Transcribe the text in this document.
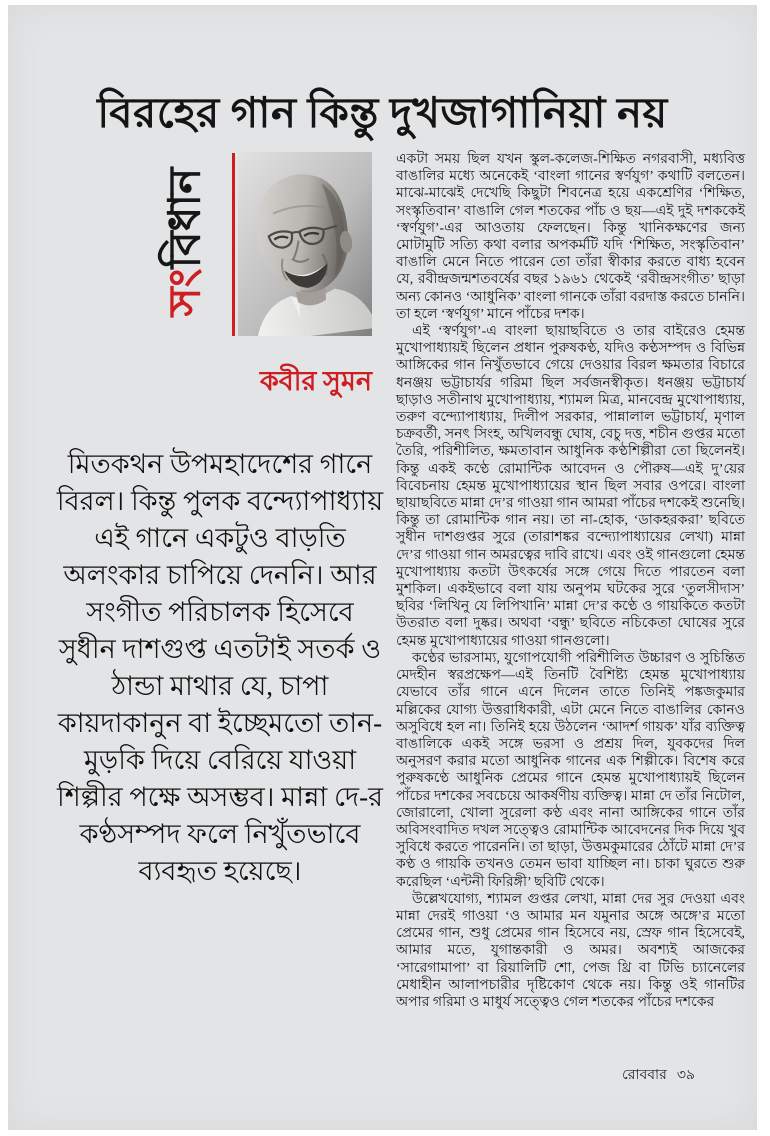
বিরহের গান কিন্তু দুখজাগানিয়া নয়
সংবিধান
কবীর সুমন
মিতকথন উপমহাদেশের গানে বিরল। কিন্তু পুলক বন্দ্যোপাধ্যায় এই গানে একটুও বাড়তি অলংকার চাপিয়ে দেননি। আর সংগীত পরিচালক হিসেবে সুধীন দাশগুপ্ত এতটাই সতর্ক ও ঠান্ডা মাথার যে, চাপা কায়দাকানুন বা ইচ্ছেমতো তান-মুড়কি দিয়ে বেরিয়ে যাওয়া শিল্পীর পক্ষে অসম্ভব। মান্না দে-র কণ্ঠসম্পদ ফলে নিখুঁতভাবে ব্যবহৃত হয়েছে।

একটা সময় ছিল যখন স্কুল-কলেজ-শিক্ষিত নগরবাসী, মধ্যবিত্ত বাঙালির মধ্যে অনেকেই ‘বাংলা গানের স্বর্ণযুগ’ কথাটি বলতেন। মাঝে-মাঝেই দেখেছি কিছুটা শিবনেত্র হয়ে একশ্রেণির ‘শিক্ষিত, সংস্কৃতিবান’ বাঙালি গেল শতকের পাঁচ ও ছয়—এই দুই দশককেই ‘স্বর্ণযুগ’-এর আওতায় ফেলছেন। কিন্তু খানিকক্ষণের জন্য মোটামুটি সত্যি কথা বলার অপকর্মটি যদি ‘শিক্ষিত, সংস্কৃতিবান’ বাঙালি মেনে নিতে পারেন তো তাঁরা স্বীকার করতে বাধ্য হবেন যে, রবীন্দ্রজন্মশতবর্ষের বছর ১৯৬১ থেকেই ‘রবীন্দ্রসংগীত’ ছাড়া অন্য কোনও ‘আধুনিক’ বাংলা গানকে তাঁরা বরদাস্ত করতে চাননি। তা হলে ‘স্বর্ণযুগ’ মানে পাঁচের দশক।

এই ‘স্বর্ণযুগ’-এ বাংলা ছায়াছবিতে ও তার বাইরেও হেমন্ত মুখোপাধ্যায়ই ছিলেন প্রধান পুরুষকণ্ঠ, যদিও কণ্ঠসম্পদ ও বিভিন্ন আঙ্গিকের গান নিখুঁতভাবে গেয়ে দেওয়ার বিরল ক্ষমতার বিচারে ধনঞ্জয় ভট্টাচার্যর গরিমা ছিল সর্বজনস্বীকৃত। ধনঞ্জয় ভট্টাচার্য ছাড়াও সতীনাথ মুখোপাধ্যায়, শ্যামল মিত্র, মানবেন্দ্র মুখোপাধ্যায়, তরুণ বন্দ্যোপাধ্যায়, দিলীপ সরকার, পান্নালাল ভট্টাচার্য, মৃণাল চক্রবর্তী, সনৎ সিংহ, অখিলবন্ধু ঘোষ, বেচু দত্ত, শচীন গুপ্তর মতো তৈরি, পরিশীলিত, ক্ষমতাবান আধুনিক কণ্ঠশিল্পীরা তো ছিলেনই। কিন্তু একই কণ্ঠে রোমান্টিক আবেদন ও পৌরুষ—এই দু’য়ের বিবেচনায় হেমন্ত মুখোপাধ্যায়ের স্থান ছিল সবার ওপরে। বাংলা ছায়াছবিতে মান্না দে’র গাওয়া গান আমরা পাঁচের দশকেই শুনেছি। কিন্তু তা রোমান্টিক গান নয়। তা না-হোক, ‘ডাকহরকরা’ ছবিতে সুধীন দাশগুপ্তর সুরে (তারাশঙ্কর বন্দ্যোপাধ্যায়ের লেখা) মান্না দে’র গাওয়া গান অমরত্বের দাবি রাখে। এবং ওই গানগুলো হেমন্ত মুখোপাধ্যায় কতটা উৎকর্ষের সঙ্গে গেয়ে দিতে পারতেন বলা মুশকিল। একইভাবে বলা যায় অনুপম ঘটকের সুরে ‘তুলসীদাস’ ছবির ‘লিখিনু যে লিপিখানি’ মান্না দে’র কণ্ঠে ও গায়কিতে কতটা উতরাত বলা দুষ্কর। অথবা ‘বন্ধু’ ছবিতে নচিকেতা ঘোষের সুরে হেমন্ত মুখোপাধ্যায়ের গাওয়া গানগুলো।

কণ্ঠের ভারসাম্য, যুগোপযোগী পরিশীলিত উচ্চারণ ও সুচিন্তিত মেদহীন স্বরপ্রক্ষেপ—এই তিনটি বৈশিষ্ট্য হেমন্ত মুখোপাধ্যায় যেভাবে তাঁর গানে এনে দিলেন তাতে তিনিই পঙ্কজকুমার মল্লিকের যোগ্য উত্তরাধিকারী, এটা মেনে নিতে বাঙালির কোনও অসুবিধে হল না। তিনিই হয়ে উঠলেন ‘আদর্শ গায়ক’ যাঁর ব্যক্তিত্ব বাঙালিকে একই সঙ্গে ভরসা ও প্রশ্রয় দিল, যুবকদের দিল অনুসরণ করার মতো আধুনিক গানের এক শিল্পীকে। বিশেষ করে পুরুষকণ্ঠে আধুনিক প্রেমের গানে হেমন্ত মুখোপাধ্যায়ই ছিলেন পাঁচের দশকের সবচেয়ে আকর্ষণীয় ব্যক্তিত্ব। মান্না দে তাঁর নিটোল, জোরালো, খোলা সুরেলা কণ্ঠ এবং নানা আঙ্গিকের গানে তাঁর অবিসংবাদিত দখল সত্ত্বেও রোমান্টিক আবেদনের দিক দিয়ে খুব সুবিধে করতে পারেননি। তা ছাড়া, উত্তমকুমারের ঠোঁটে মান্না দে’র কণ্ঠ ও গায়কি তখনও তেমন ভাবা যাচ্ছিল না। চাকা ঘুরতে শুরু করেছিল ‘এন্টনী ফিরিঙ্গী’ ছবিটি থেকে।

উল্লেখযোগ্য, শ্যামল গুপ্তর লেখা, মান্না দের সুর দেওয়া এবং মান্না দেরই গাওয়া ‘ও আমার মন যমুনার অঙ্গে অঙ্গে’র মতো প্রেমের গান, শুধু প্রেমের গান হিসেবে নয়, স্রেফ গান হিসেবেই, আমার মতে, যুগান্তকারী ও অমর। অবশ্যই আজকের ‘সারেগামাপা’ বা রিয়ালিটি শো, পেজ থ্রি বা টিভি চ্যানেলের মেধাহীন আলাপচারীর দৃষ্টিকোণ থেকে নয়। কিন্তু ওই গানটির অপার গরিমা ও মাধুর্য সত্ত্বেও গেল শতকের পাঁচের দশকের

রোববার ৩৯
